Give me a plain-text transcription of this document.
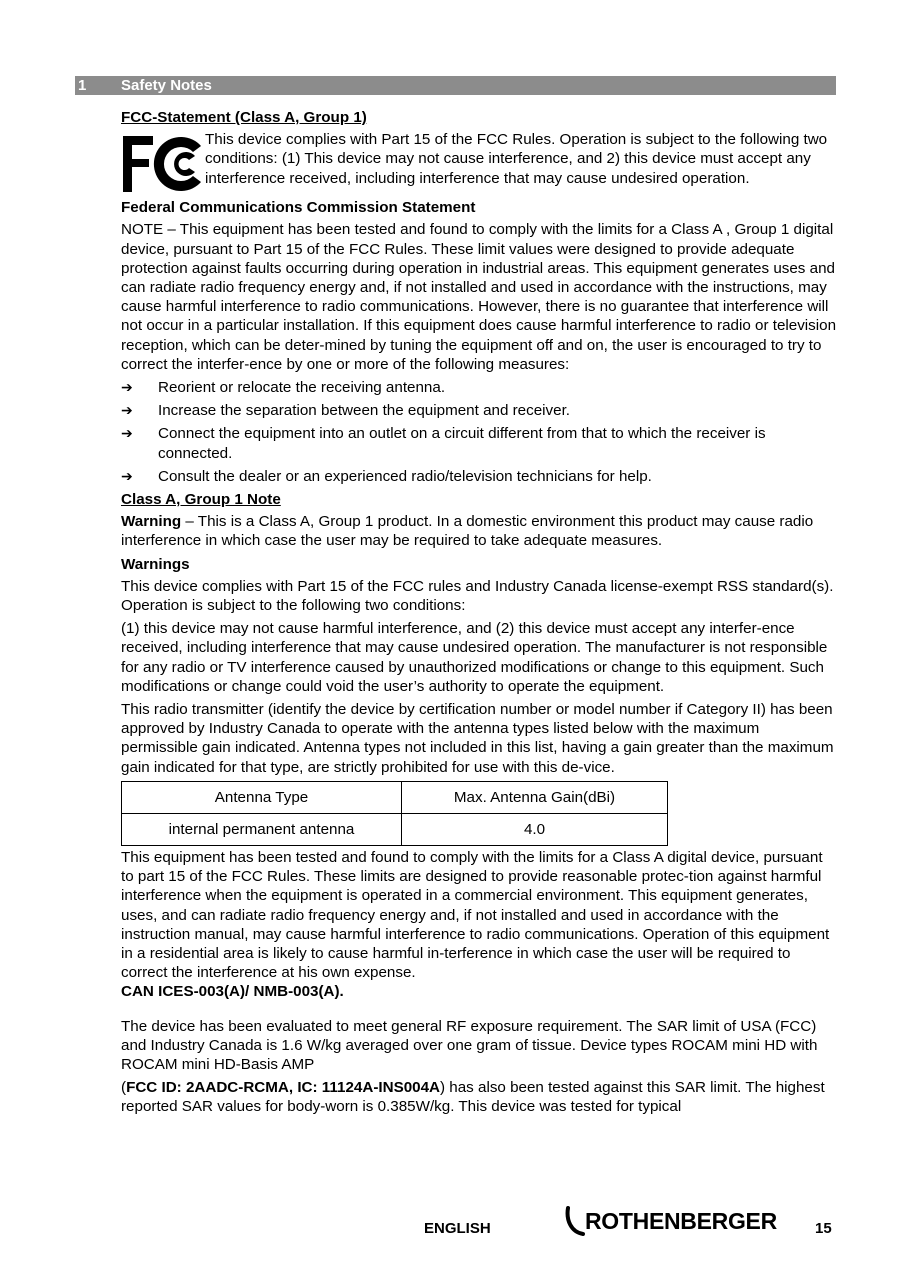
1 Safety Notes

FCC-Statement (Class A, Group 1)

This device complies with Part 15 of the FCC Rules. Operation is subject to the following two conditions: (1) This device may not cause interference, and 2) this device must accept any interference received, including interference that may cause undesired operation.

Federal Communications Commission Statement

NOTE – This equipment has been tested and found to comply with the limits for a Class A , Group 1 digital device, pursuant to Part 15 of the FCC Rules. These limit values were designed to provide adequate protection against faults occurring during operation in industrial areas. This equipment generates uses and can radiate radio frequency energy and, if not installed and used in accordance with the instructions, may cause harmful interference to radio communications. However, there is no guarantee that interference will not occur in a particular installation. If this equipment does cause harmful interference to radio or television reception, which can be deter-mined by tuning the equipment off and on, the user is encouraged to try to correct the interfer-ence by one or more of the following measures:

➔	Reorient or relocate the receiving antenna.
➔	Increase the separation between the equipment and receiver.
➔	Connect the equipment into an outlet on a circuit different from that to which the receiver is connected.
➔	Consult the dealer or an experienced radio/television technicians for help.

Class A, Group 1 Note

Warning – This is a Class A, Group 1 product. In a domestic environment this product may cause radio interference in which case the user may be required to take adequate measures.

Warnings

This device complies with Part 15 of the FCC rules and Industry Canada license-exempt RSS standard(s). Operation is subject to the following two conditions:

(1) this device may not cause harmful interference, and (2) this device must accept any interfer-ence received, including interference that may cause undesired operation. The manufacturer is not responsible for any radio or TV interference caused by unauthorized modifications or change to this equipment. Such modifications or change could void the user’s authority to operate the equipment.

This radio transmitter (identify the device by certification number or model number if Category II) has been approved by Industry Canada to operate with the antenna types listed below with the maximum permissible gain indicated. Antenna types not included in this list, having a gain greater than the maximum gain indicated for that type, are strictly prohibited for use with this de-vice.

Antenna Type	Max. Antenna Gain(dBi)
internal permanent antenna	4.0

This equipment has been tested and found to comply with the limits for a Class A digital device, pursuant to part 15 of the FCC Rules. These limits are designed to provide reasonable protec-tion against harmful interference when the equipment is operated in a commercial environment. This equipment generates, uses, and can radiate radio frequency energy and, if not installed and used in accordance with the instruction manual, may cause harmful interference to radio communications. Operation of this equipment in a residential area is likely to cause harmful in-terference in which case the user will be required to correct the interference at his own expense.

CAN ICES-003(A)/ NMB-003(A).

The device has been evaluated to meet general RF exposure requirement. The SAR limit of USA (FCC) and Industry Canada is 1.6 W/kg averaged over one gram of tissue. Device types ROCAM mini HD with ROCAM mini HD-Basis AMP

(FCC ID: 2AADC-RCMA, IC: 11124A-INS004A) has also been tested against this SAR limit. The highest reported SAR values for body-worn is 0.385W/kg. This device was tested for typical

ENGLISH	ROTHENBERGER	15
